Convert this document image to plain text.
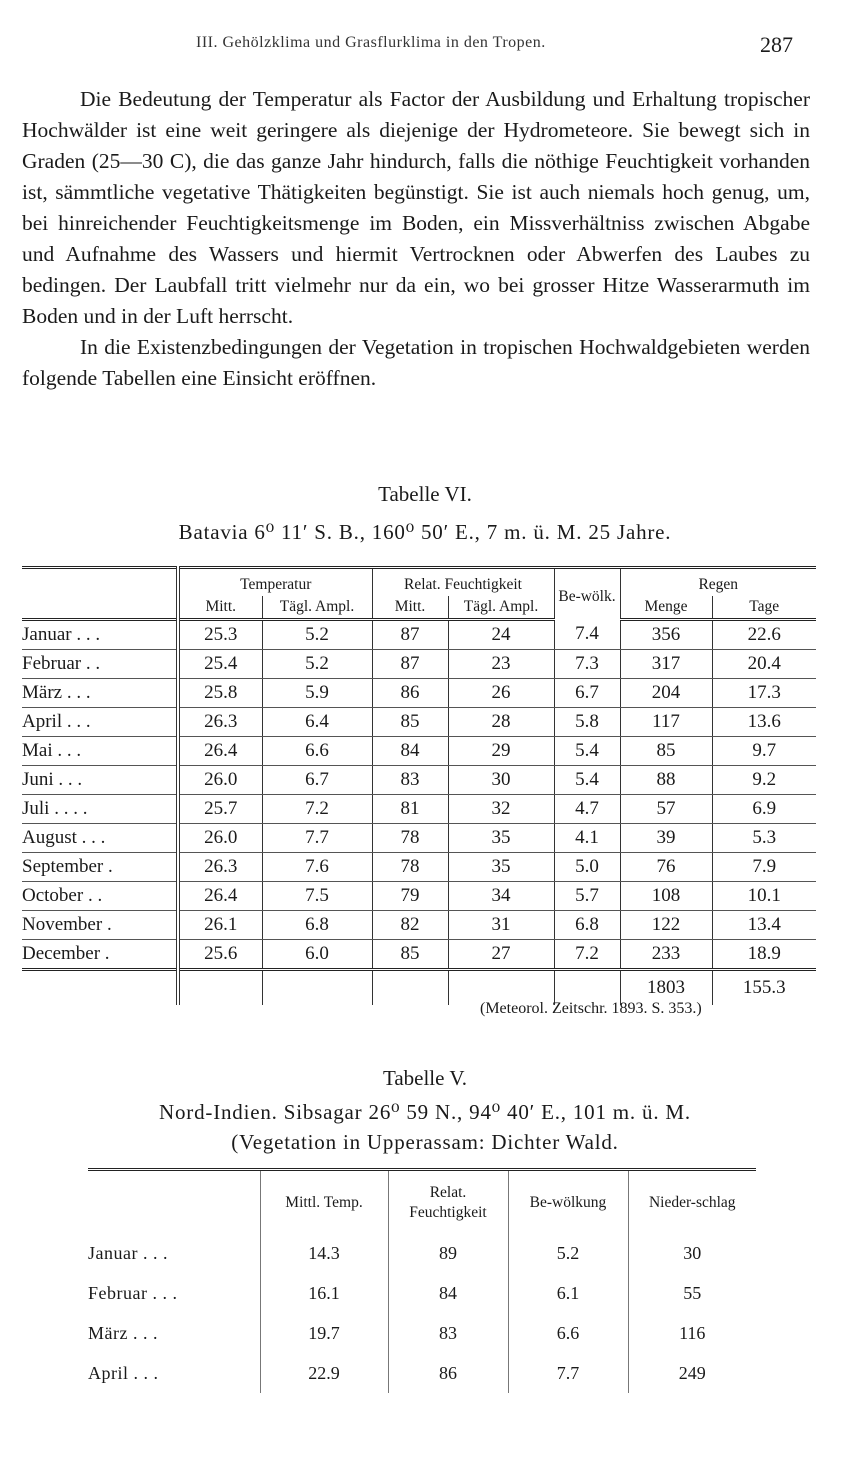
III. Gehölzklima und Grasflurklima in den Tropen.	287

Die Bedeutung der Temperatur als Factor der Ausbildung und Erhaltung tropischer Hochwälder ist eine weit geringere als diejenige der Hydrometeore. Sie bewegt sich in Graden (25—30 C), die das ganze Jahr hindurch, falls die nöthige Feuchtigkeit vorhanden ist, sämmtliche vegetative Thätigkeiten begünstigt. Sie ist auch niemals hoch genug, um, bei hinreichender Feuchtigkeitsmenge im Boden, ein Missverhältniss zwischen Abgabe und Aufnahme des Wassers und hiermit Vertrocknen oder Abwerfen des Laubes zu bedingen. Der Laubfall tritt vielmehr nur da ein, wo bei grosser Hitze Wasserarmuth im Boden und in der Luft herrscht.

In die Existenzbedingungen der Vegetation in tropischen Hochwaldgebieten werden folgende Tabellen eine Einsicht eröffnen.

Tabelle VI.
Batavia 6⁰ 11′ S. B., 160⁰ 50′ E., 7 m. ü. M. 25 Jahre.
	Temperatur		Relat. Feuchtigkeit		Be-wölk.	Regen	
	Mitt.	Tägl. Ampl.	Mitt.	Tägl. Ampl.		Menge	Tage
Januar . . .	25.3	5.2	87	24	7.4	356	22.6
Februar . .	25.4	5.2	87	23	7.3	317	20.4
März . . .	25.8	5.9	86	26	6.7	204	17.3
April . . .	26.3	6.4	85	28	5.8	117	13.6
Mai . . .	26.4	6.6	84	29	5.4	85	9.7
Juni . . .	26.0	6.7	83	30	5.4	88	9.2
Juli . . . .	25.7	7.2	81	32	4.7	57	6.9
August . . .	26.0	7.7	78	35	4.1	39	5.3
September .	26.3	7.6	78	35	5.0	76	7.9
October . .	26.4	7.5	79	34	5.7	108	10.1
November .	26.1	6.8	82	31	6.8	122	13.4
December .	25.6	6.0	85	27	7.2	233	18.9
						1803	155.3
(Meteorol. Zeitschr. 1893. S. 353.)
Tabelle V.
Nord-Indien. Sibsagar 26⁰ 59 N., 94⁰ 40′ E., 101 m. ü. M.
(Vegetation in Upperassam: Dichter Wald.
	Mittl. Temp.	Relat. Feuchtigkeit	Be-wölkung	Nieder-schlag
Januar . . .	14.3	89	5.2	30
Februar . . .	16.1	84	6.1	55
März . . .	19.7	83	6.6	116
April . . .	22.9	86	7.7	249
